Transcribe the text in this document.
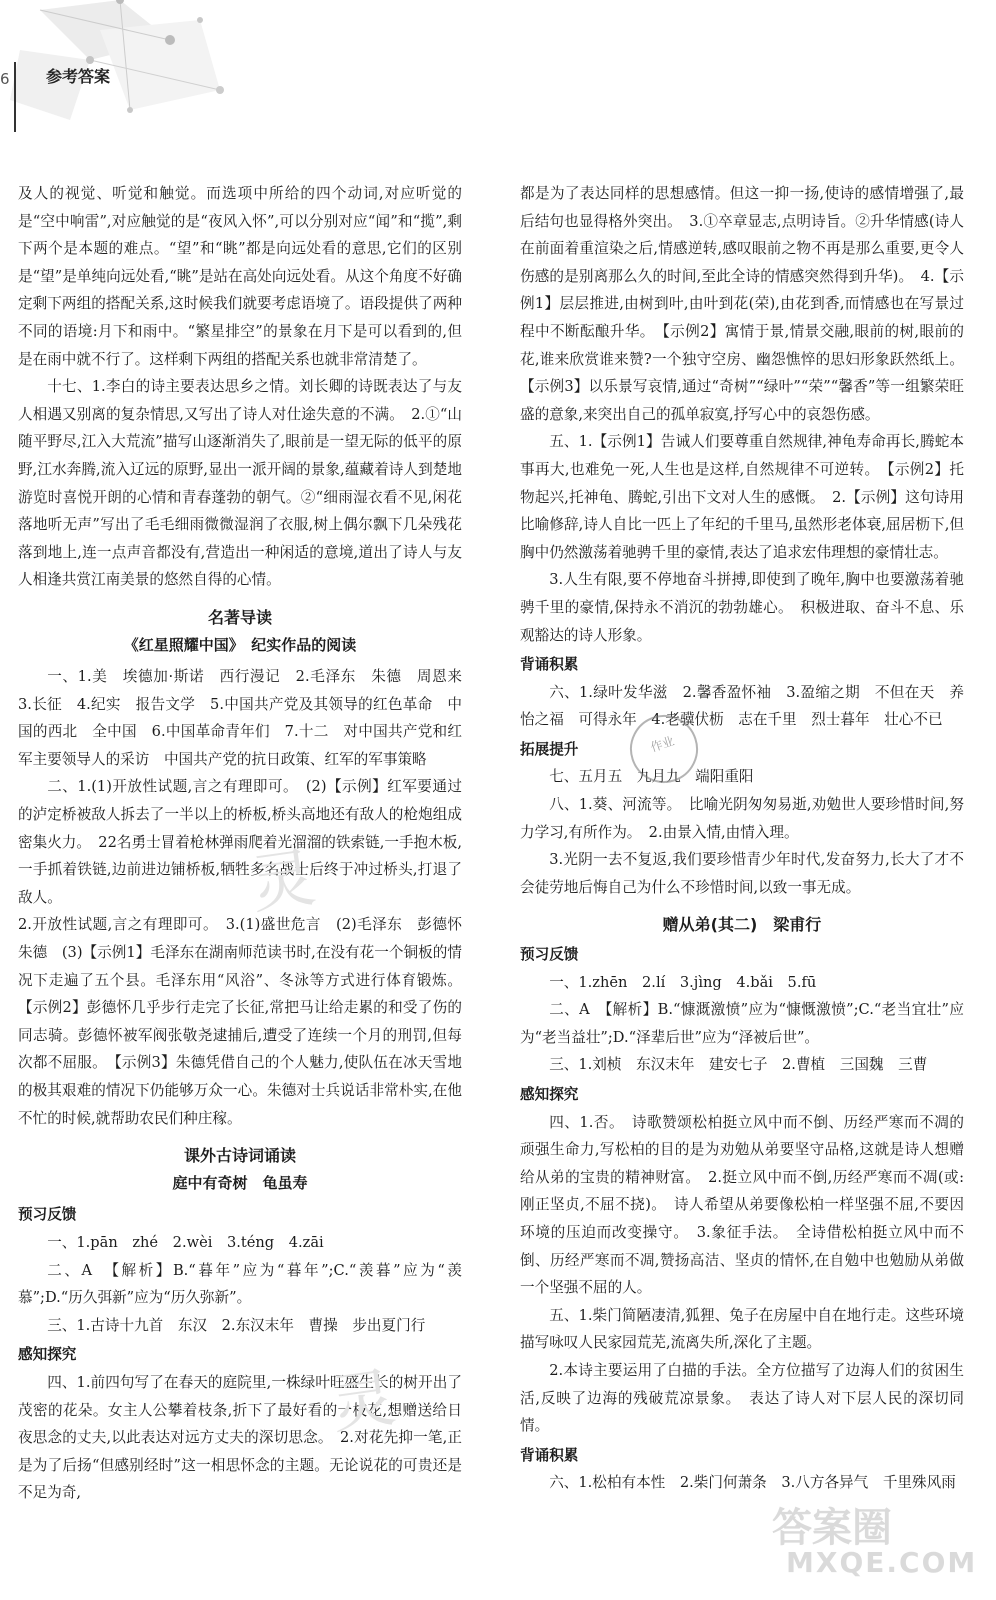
6 参考答案

及人的视觉、听觉和触觉。而选项中所给的四个动词,对应听觉的是“空中响雷”,对应触觉的是“夜风入怀”,可以分别对应“闻”和“揽”,剩下两个是本题的难点。“望”和“眺”都是向远处看的意思,它们的区别是“望”是单纯向远处看,“眺”是站在高处向远处看。从这个角度不好确定剩下两组的搭配关系,这时候我们就要考虑语境了。语段提供了两种不同的语境:月下和雨中。“繁星排空”的景象在月下是可以看到的,但是在雨中就不行了。这样剩下两组的搭配关系也就非常清楚了。

十七、1.李白的诗主要表达思乡之情。刘长卿的诗既表达了与友人相遇又别离的复杂情思,又写出了诗人对仕途失意的不满。　2.①“山随平野尽,江入大荒流”描写山逐渐消失了,眼前是一望无际的低平的原野,江水奔腾,流入辽远的原野,显出一派开阔的景象,蕴藏着诗人到楚地游览时喜悦开朗的心情和青春蓬勃的朝气。②“细雨湿衣看不见,闲花落地听无声”写出了毛毛细雨微微湿润了衣服,树上偶尔飘下几朵残花落到地上,连一点声音都没有,营造出一种闲适的意境,道出了诗人与友人相逢共赏江南美景的悠然自得的心情。

名著导读
《红星照耀中国》　纪实作品的阅读

一、1.美　埃德加·斯诺　西行漫记　2.毛泽东　朱德　周恩来　3.长征　4.纪实　报告文学　5.中国共产党及其领导的红色革命　中国的西北　全中国　6.中国革命青年们　7.十二　对中国共产党和红军主要领导人的采访　中国共产党的抗日政策、红军的军事策略

二、1.(1)开放性试题,言之有理即可。　(2)【示例】红军要通过的泸定桥被敌人拆去了一半以上的桥板,桥头高地还有敌人的枪炮组成密集火力。　22名勇士冒着枪林弹雨爬着光溜溜的铁索链,一手抱木板,一手抓着铁链,边前进边铺桥板,牺牲多名战士后终于冲过桥头,打退了敌人。

2.开放性试题,言之有理即可。　3.(1)盛世危言　(2)毛泽东　彭德怀　朱德　(3)【示例1】毛泽东在湖南师范读书时,在没有花一个铜板的情况下走遍了五个县。毛泽东用“风浴”、冬泳等方式进行体育锻炼。【示例2】彭德怀几乎步行走完了长征,常把马让给走累的和受了伤的同志骑。彭德怀被军阀张敬尧逮捕后,遭受了连续一个月的刑罚,但每次都不屈服。　【示例3】朱德凭借自己的个人魅力,使队伍在冰天雪地的极其艰难的情况下仍能够万众一心。朱德对士兵说话非常朴实,在他不忙的时候,就帮助农民们种庄稼。

课外古诗词诵读
庭中有奇树　龟虽寿
预习反馈

一、1.pān　zhé　2.wèi　3.téng　4.zāi

二、A　【解析】B.“暮年”应为“暮年”;C.“羡暮”应为“羡慕”;D.“历久弭新”应为“历久弥新”。

三、1.古诗十九首　东汉　2.东汉末年　曹操　步出夏门行

感知探究

四、1.前四句写了在春天的庭院里,一株绿叶旺盛生长的树开出了茂密的花朵。女主人公攀着枝条,折下了最好看的一枝花,想赠送给日夜思念的丈夫,以此表达对远方丈夫的深切思念。　2.对花先抑一笔,正是为了后扬“但感别经时”这一相思怀念的主题。无论说花的可贵还是不足为奇,

都是为了表达同样的思想感情。但这一抑一扬,使诗的感情增强了,最后结句也显得格外突出。　3.①卒章显志,点明诗旨。②升华情感(诗人在前面着重渲染之后,情感逆转,感叹眼前之物不再是那么重要,更令人伤感的是别离那么久的时间,至此全诗的情感突然得到升华)。　4.【示例1】层层推进,由树到叶,由叶到花(荣),由花到香,而情感也在写景过程中不断酝酿升华。　【示例2】寓情于景,情景交融,眼前的树,眼前的花,谁来欣赏谁来赞?一个独守空房、幽怨憔悴的思妇形象跃然纸上。【示例3】以乐景写哀情,通过“奇树”“绿叶”“荣”“馨香”等一组繁荣旺盛的意象,来突出自己的孤单寂寞,抒写心中的哀怨伤感。

五、1.【示例1】告诫人们要尊重自然规律,神龟寿命再长,腾蛇本事再大,也难免一死,人生也是这样,自然规律不可逆转。　【示例2】托物起兴,托神龟、腾蛇,引出下文对人生的感慨。　2.【示例】这句诗用比喻修辞,诗人自比一匹上了年纪的千里马,虽然形老体衰,屈居枥下,但胸中仍然激荡着驰骋千里的豪情,表达了追求宏伟理想的豪情壮志。

3.人生有限,要不停地奋斗拼搏,即使到了晚年,胸中也要激荡着驰骋千里的豪情,保持永不消沉的勃勃雄心。　积极进取、奋斗不息、乐观豁达的诗人形象。

背诵积累

六、1.绿叶发华滋　2.馨香盈怀袖　3.盈缩之期　不但在天　养怡之福　可得永年　4.老骥伏枥　志在千里　烈士暮年　壮心不已

拓展提升

七、五月五　九月九　端阳重阳

八、1.葵、河流等。　比喻光阴匆匆易逝,劝勉世人要珍惜时间,努力学习,有所作为。　2.由景入情,由情入理。

3.光阴一去不复返,我们要珍惜青少年时代,发奋努力,长大了才不会徒劳地后悔自己为什么不珍惜时间,以致一事无成。

赠从弟(其二)　梁甫行
预习反馈

一、1.zhēn　2.lí　3.jìng　4.bǎi　5.fū

二、A　【解析】B.“慷溉激愤”应为“慷慨激愤”;C.“老当宜壮”应为“老当益壮”;D.“泽辈后世”应为“泽被后世”。

三、1.刘桢　东汉末年　建安七子　2.曹植　三国魏　三曹

感知探究

四、1.否。　诗歌赞颂松柏挺立风中而不倒、历经严寒而不凋的顽强生命力,写松柏的目的是为劝勉从弟要坚守品格,这就是诗人想赠给从弟的宝贵的精神财富。　2.挺立风中而不倒,历经严寒而不凋(或:刚正坚贞,不屈不挠)。　诗人希望从弟要像松柏一样坚强不屈,不要因环境的压迫而改变操守。　3.象征手法。　全诗借松柏挺立风中而不倒、历经严寒而不凋,赞扬高洁、坚贞的情怀,在自勉中也勉励从弟做一个坚强不屈的人。

五、1.柴门简陋凄清,狐狸、兔子在房屋中自在地行走。这些环境描写咏叹人民家园荒芜,流离失所,深化了主题。

2.本诗主要运用了白描的手法。全方位描写了边海人们的贫困生活,反映了边海的残破荒凉景象。　表达了诗人对下层人民的深切同情。

背诵积累

六、1.松柏有本性　2.柴门何萧条　3.八方各异气　千里殊风雨

作业
灵
灵
答案圈
MXQE.COM
